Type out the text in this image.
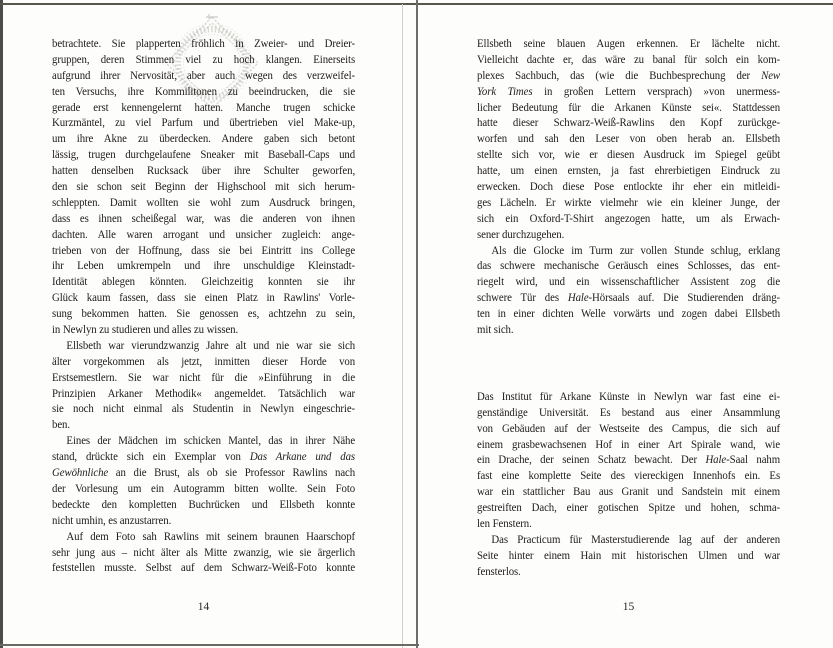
betrachtete. Sie plapperten fröhlich in Zweier- und Dreier-
gruppen, deren Stimmen viel zu hoch klangen. Einerseits
aufgrund ihrer Nervosität, aber auch wegen des verzweifel-
ten Versuchs, ihre Kommilitonen zu beeindrucken, die sie
gerade erst kennengelernt hatten. Manche trugen schicke
Kurzmäntel, zu viel Parfum und übertrieben viel Make-up,
um ihre Akne zu überdecken. Andere gaben sich betont
lässig, trugen durchgelaufene Sneaker mit Baseball-Caps und
hatten denselben Rucksack über ihre Schulter geworfen,
den sie schon seit Beginn der Highschool mit sich herum-
schleppten. Damit wollten sie wohl zum Ausdruck bringen,
dass es ihnen scheißegal war, was die anderen von ihnen
dachten. Alle waren arrogant und unsicher zugleich: ange-
trieben von der Hoffnung, dass sie bei Eintritt ins College
ihr Leben umkrempeln und ihre unschuldige Kleinstadt-
Identität ablegen könnten. Gleichzeitig konnten sie ihr
Glück kaum fassen, dass sie einen Platz in Rawlins' Vorle-
sung bekommen hatten. Sie genossen es, achtzehn zu sein,
in Newlyn zu studieren und alles zu wissen.
Ellsbeth war vierundzwanzig Jahre alt und nie war sie sich
älter vorgekommen als jetzt, inmitten dieser Horde von
Erstsemestlern. Sie war nicht für die »Einführung in die
Prinzipien Arkaner Methodik« angemeldet. Tatsächlich war
sie noch nicht einmal als Studentin in Newlyn eingeschrie-
ben.
Eines der Mädchen im schicken Mantel, das in ihrer Nähe
stand, drückte sich ein Exemplar von Das Arkane und das
Gewöhnliche an die Brust, als ob sie Professor Rawlins nach
der Vorlesung um ein Autogramm bitten wollte. Sein Foto
bedeckte den kompletten Buchrücken und Ellsbeth konnte
nicht umhin, es anzustarren.
Auf dem Foto sah Rawlins mit seinem braunen Haarschopf
sehr jung aus – nicht älter als Mitte zwanzig, wie sie ärgerlich
feststellen musste. Selbst auf dem Schwarz-Weiß-Foto konnte
Ellsbeth seine blauen Augen erkennen. Er lächelte nicht.
Vielleicht dachte er, das wäre zu banal für solch ein kom-
plexes Sachbuch, das (wie die Buchbesprechung der New
York Times in großen Lettern versprach) »von unermess-
licher Bedeutung für die Arkanen Künste sei«. Stattdessen
hatte dieser Schwarz-Weiß-Rawlins den Kopf zurückge-
worfen und sah den Leser von oben herab an. Ellsbeth
stellte sich vor, wie er diesen Ausdruck im Spiegel geübt
hatte, um einen ernsten, ja fast ehrerbietigen Eindruck zu
erwecken. Doch diese Pose entlockte ihr eher ein mitleidi-
ges Lächeln. Er wirkte vielmehr wie ein kleiner Junge, der
sich ein Oxford-T-Shirt angezogen hatte, um als Erwach-
sener durchzugehen.
Als die Glocke im Turm zur vollen Stunde schlug, erklang
das schwere mechanische Geräusch eines Schlosses, das ent-
riegelt wird, und ein wissenschaftlicher Assistent zog die
schwere Tür des Hale-Hörsaals auf. Die Studierenden dräng-
ten in einer dichten Welle vorwärts und zogen dabei Ellsbeth
mit sich.
Das Institut für Arkane Künste in Newlyn war fast eine ei-
genständige Universität. Es bestand aus einer Ansammlung
von Gebäuden auf der Westseite des Campus, die sich auf
einem grasbewachsenen Hof in einer Art Spirale wand, wie
ein Drache, der seinen Schatz bewacht. Der Hale-Saal nahm
fast eine komplette Seite des viereckigen Innenhofs ein. Es
war ein stattlicher Bau aus Granit und Sandstein mit einem
gestreiften Dach, einer gotischen Spitze und hohen, schma-
len Fenstern.
Das Practicum für Masterstudierende lag auf der anderen
Seite hinter einem Hain mit historischen Ulmen und war
fensterlos.
14	15
